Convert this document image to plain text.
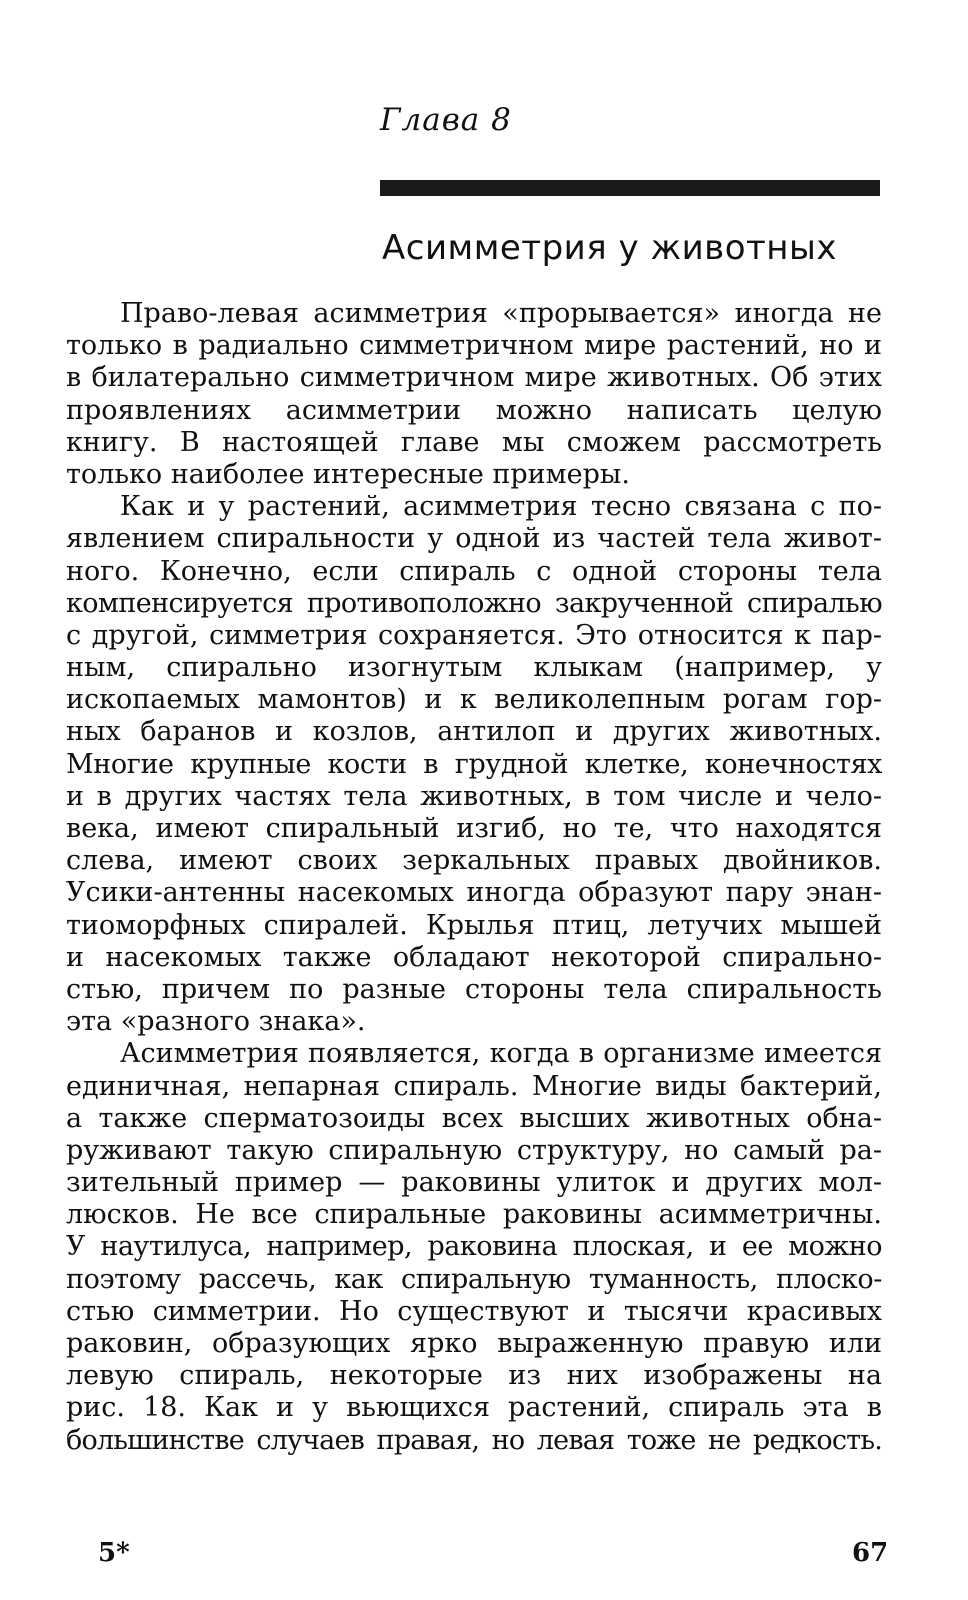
Глава 8
Асимметрия у животных
Право-левая асимметрия «прорывается» иногда не
только в радиально симметричном мире растений, но и
в билатерально симметричном мире животных. Об этих
проявлениях асимметрии можно написать целую
книгу. В настоящей главе мы сможем рассмотреть
только наиболее интересные примеры.
Как и у растений, асимметрия тесно связана с по-
явлением спиральности у одной из частей тела живот-
ного. Конечно, если спираль с одной стороны тела
компенсируется противоположно закрученной спиралью
с другой, симметрия сохраняется. Это относится к пар-
ным, спирально изогнутым клыкам (например, у
ископаемых мамонтов) и к великолепным рогам гор-
ных баранов и козлов, антилоп и других животных.
Многие крупные кости в грудной клетке, конечностях
и в других частях тела животных, в том числе и чело-
века, имеют спиральный изгиб, но те, что находятся
слева, имеют своих зеркальных правых двойников.
Усики-антенны насекомых иногда образуют пару энан-
тиоморфных спиралей. Крылья птиц, летучих мышей
и насекомых также обладают некоторой спирально-
стью, причем по разные стороны тела спиральность
эта «разного знака».
Асимметрия появляется, когда в организме имеется
единичная, непарная спираль. Многие виды бактерий,
а также сперматозоиды всех высших животных обна-
руживают такую спиральную структуру, но самый ра-
зительный пример — раковины улиток и других мол-
люсков. Не все спиральные раковины асимметричны.
У наутилуса, например, раковина плоская, и ее можно
поэтому рассечь, как спиральную туманность, плоско-
стью симметрии. Но существуют и тысячи красивых
раковин, образующих ярко выраженную правую или
левую спираль, некоторые из них изображены на
рис. 18. Как и у вьющихся растений, спираль эта в
большинстве случаев правая, но левая тоже не редкость.
5*	67
